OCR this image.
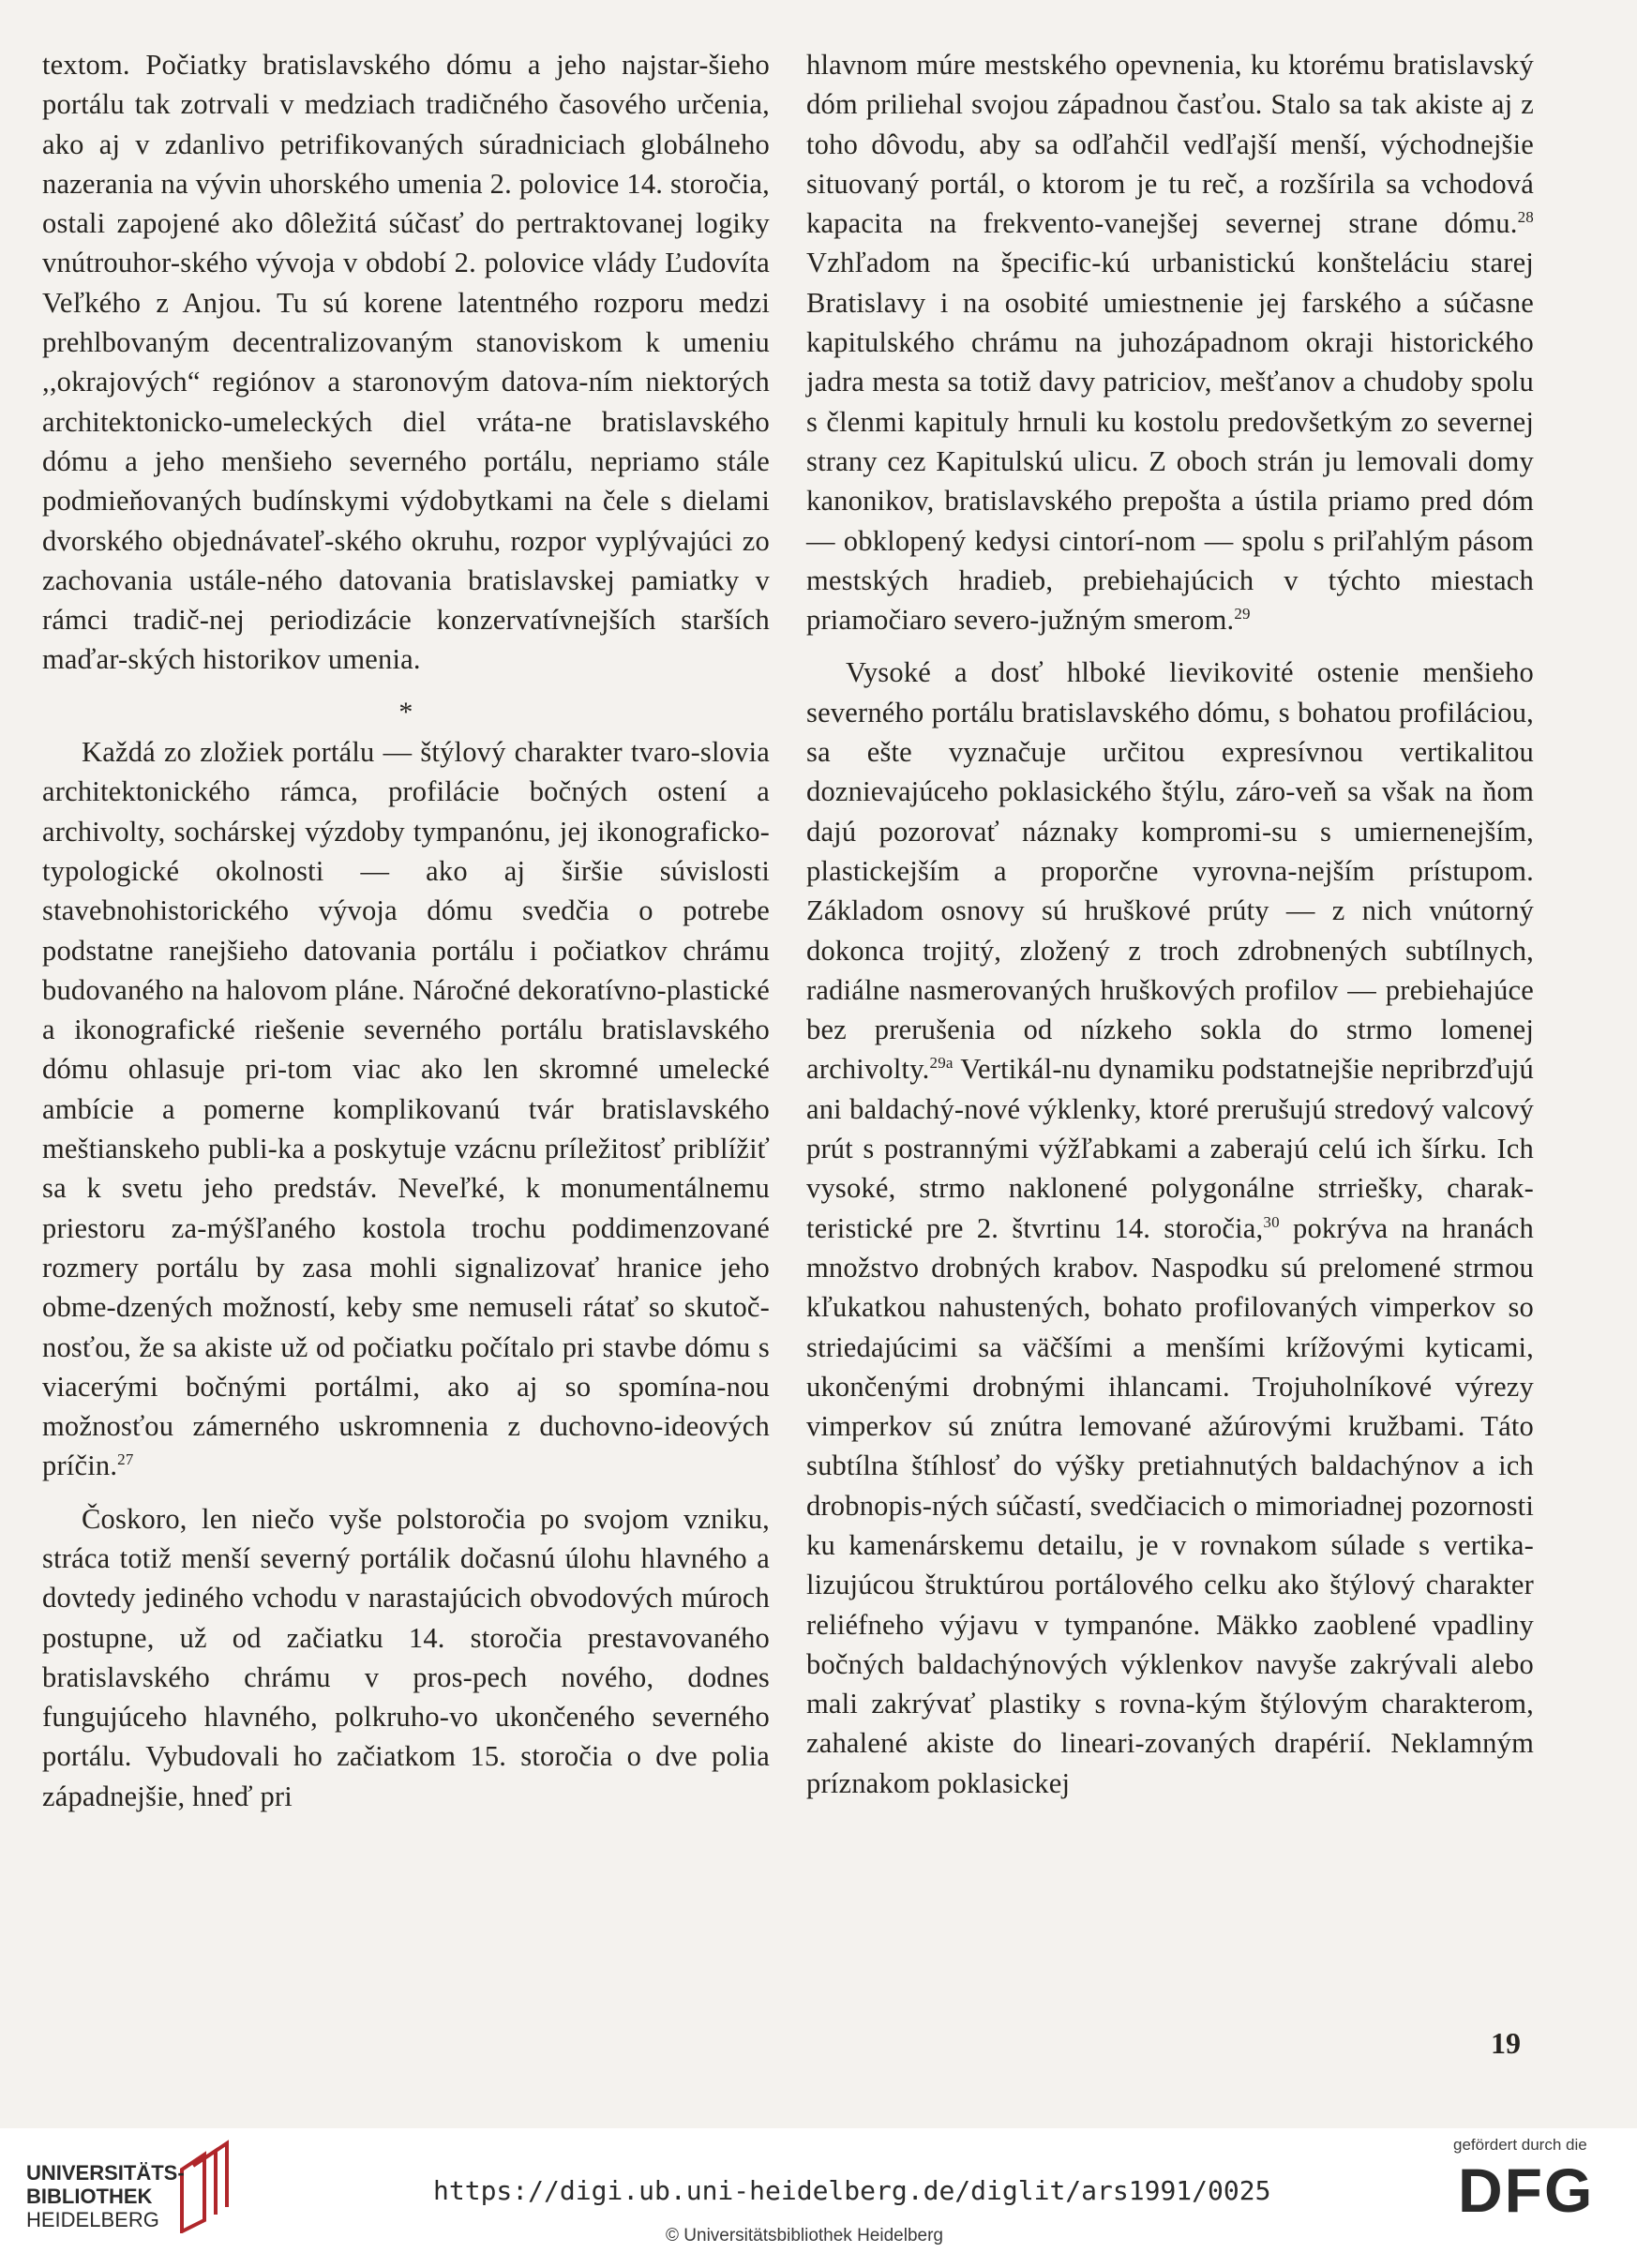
textom. Počiatky bratislavského dómu a jeho najstar-šieho portálu tak zotrvali v medziach tradičného časového určenia, ako aj v zdanlivo petrifikovaných súradniciach globálneho nazerania na vývin uhorského umenia 2. polovice 14. storočia, ostali zapojené ako dôležitá súčasť do pertraktovanej logiky vnútrouhor-ského vývoja v období 2. polovice vlády Ľudovíta Veľkého z Anjou. Tu sú korene latentného rozporu medzi prehlbovaným decentralizovaným stanoviskom k umeniu ,,okrajových“ regiónov a staronovým datova-ním niektorých architektonicko-umeleckých diel vráta-ne bratislavského dómu a jeho menšieho severného portálu, nepriamo stále podmieňovaných budínskymi výdobytkami na čele s dielami dvorského objednávateľ-ského okruhu, rozpor vyplývajúci zo zachovania ustále-ného datovania bratislavskej pamiatky v rámci tradič-nej periodizácie konzervatívnejších starších maďar-ských historikov umenia.

*

Každá zo zložiek portálu — štýlový charakter tvaro-slovia architektonického rámca, profilácie bočných ostení a archivolty, sochárskej výzdoby tympanónu, jej ikonograficko-typologické okolnosti — ako aj širšie súvislosti stavebnohistorického vývoja dómu svedčia o potrebe podstatne ranejšieho datovania portálu i počiatkov chrámu budovaného na halovom pláne. Náročné dekoratívno-plastické a ikonografické riešenie severného portálu bratislavského dómu ohlasuje pri-tom viac ako len skromné umelecké ambície a pomerne komplikovanú tvár bratislavského meštianskeho publi-ka a poskytuje vzácnu príležitosť priblížiť sa k svetu jeho predstáv. Neveľké, k monumentálnemu priestoru za-mýšľaného kostola trochu poddimenzované rozmery portálu by zasa mohli signalizovať hranice jeho obme-dzených možností, keby sme nemuseli rátať so skutoč-nosťou, že sa akiste už od počiatku počítalo pri stavbe dómu s viacerými bočnými portálmi, ako aj so spomína-nou možnosťou zámerného uskromnenia z duchovno-ideových príčin.$^{27}$

Čoskoro, len niečo vyše polstoročia po svojom vzniku, stráca totiž menší severný portálik dočasnú úlohu hlavného a dovtedy jediného vchodu v narastajúcich obvodových múroch postupne, už od začiatku 14. storočia prestavovaného bratislavského chrámu v pros-pech nového, dodnes fungujúceho hlavného, polkruho-vo ukončeného severného portálu. Vybudovali ho začiatkom 15. storočia o dve polia západnejšie, hneď pri

hlavnom múre mestského opevnenia, ku ktorému bratislavský dóm priliehal svojou západnou časťou. Stalo sa tak akiste aj z toho dôvodu, aby sa odľahčil vedľajší menší, východnejšie situovaný portál, o ktorom je tu reč, a rozšírila sa vchodová kapacita na frekvento-vanejšej severnej strane dómu.$^{28}$ Vzhľadom na špecific-kú urbanistickú konšteláciu starej Bratislavy i na osobité umiestnenie jej farského a súčasne kapitulského chrámu na juhozápadnom okraji historického jadra mesta sa totiž davy patriciov, mešťanov a chudoby spolu s členmi kapituly hrnuli ku kostolu predovšetkým zo severnej strany cez Kapitulskú ulicu. Z oboch strán ju lemovali domy kanonikov, bratislavského prepošta a ústila priamo pred dóm — obklopený kedysi cintorí-nom — spolu s priľahlým pásom mestských hradieb, prebiehajúcich v týchto miestach priamočiaro severo-južným smerom.$^{29}$

Vysoké a dosť hlboké lievikovité ostenie menšieho severného portálu bratislavského dómu, s bohatou profiláciou, sa ešte vyznačuje určitou expresívnou vertikalitou doznievajúceho poklasického štýlu, záro-veň sa však na ňom dajú pozorovať náznaky kompromi-su s umiernenejším, plastickejším a proporčne vyrovna-nejším prístupom. Základom osnovy sú hruškové prúty — z nich vnútorný dokonca trojitý, zložený z troch zdrobnených subtílnych, radiálne nasmerovaných hruškových profilov — prebiehajúce bez prerušenia od nízkeho sokla do strmo lomenej archivolty.$^{29a}$ Vertikál-nu dynamiku podstatnejšie nepribrzďujú ani baldachý-nové výklenky, ktoré prerušujú stredový valcový prút s postrannými výžľabkami a zaberajú celú ich šírku. Ich vysoké, strmo naklonené polygonálne strriešky, charak-teristické pre 2. štvrtinu 14. storočia,$^{30}$ pokrýva na hranách množstvo drobných krabov. Naspodku sú prelomené strmou kľukatkou nahustených, bohato profilovaných vimperkov so striedajúcimi sa väčšími a menšími krížovými kyticami, ukončenými drobnými ihlancami. Trojuholníkové výrezy vimperkov sú znútra lemované ažúrovými kružbami. Táto subtílna štíhlosť do výšky pretiahnutých baldachýnov a ich drobnopis-ných súčastí, svedčiacich o mimoriadnej pozornosti ku kamenárskemu detailu, je v rovnakom súlade s vertika-lizujúcou štruktúrou portálového celku ako štýlový charakter reliéfneho výjavu v tympanóne. Mäkko zaoblené vpadliny bočných baldachýnových výklenkov navyše zakrývali alebo mali zakrývať plastiky s rovna-kým štýlovým charakterom, zahalené akiste do lineari-zovaných drapérií. Neklamným príznakom poklasickej

19
UNIVERSITÄTS-
BIBLIOTHEK
HEIDELBERG
https://digi.ub.uni-heidelberg.de/diglit/ars1991/0025
© Universitätsbibliothek Heidelberg
gefördert durch die
DFG
